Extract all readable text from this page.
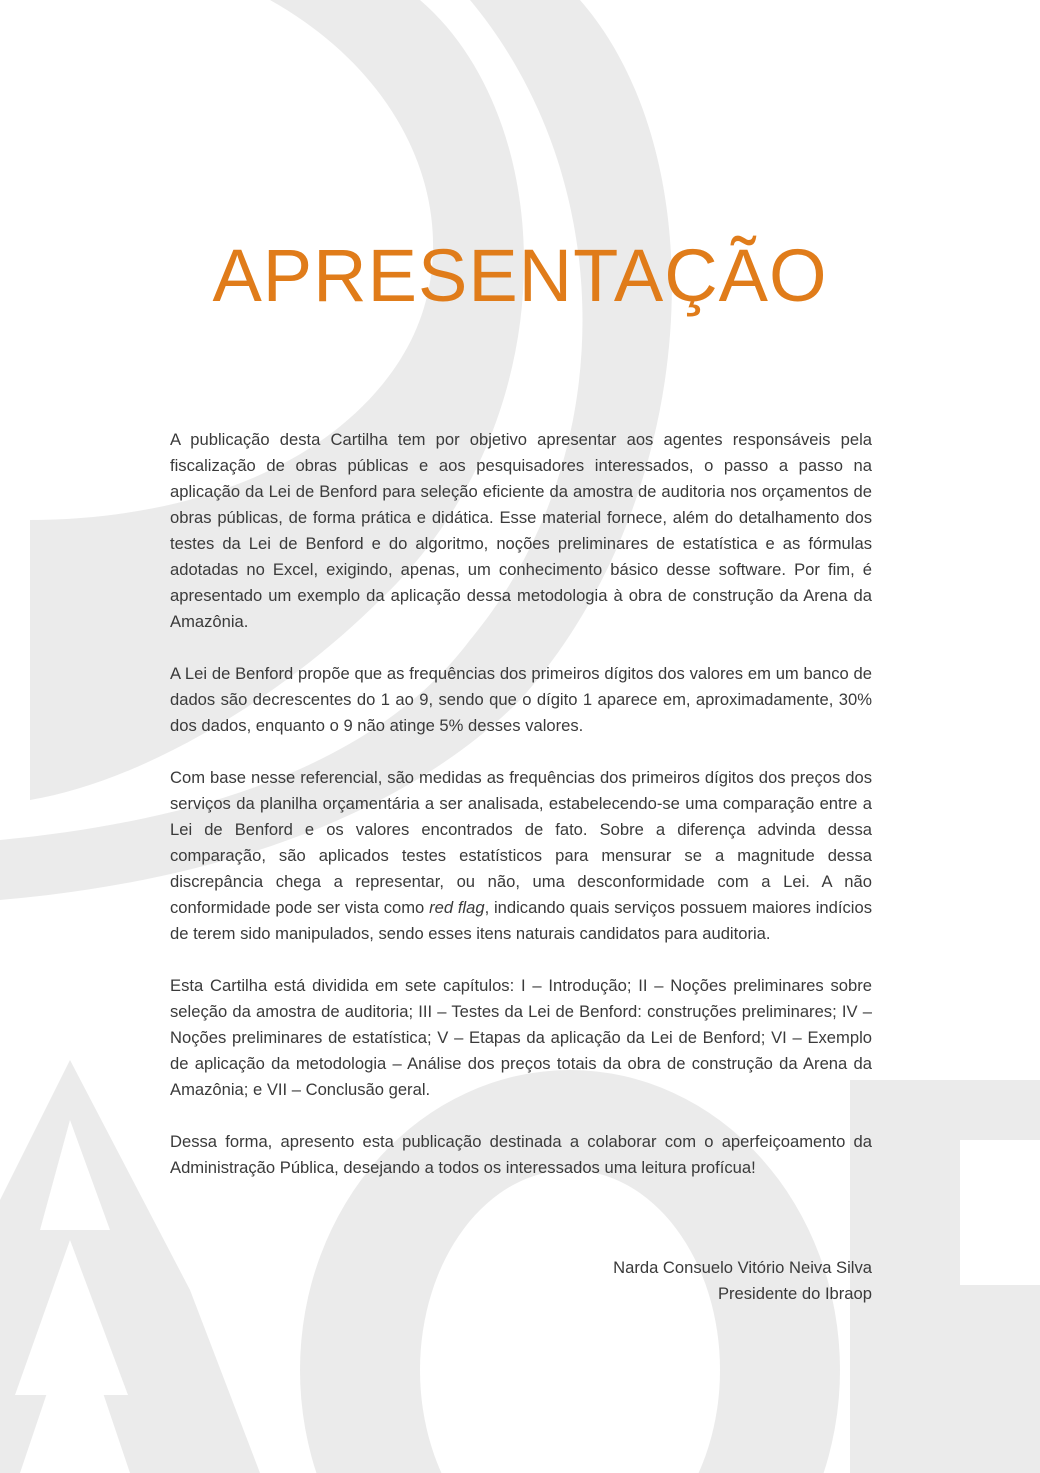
APRESENTAÇÃO

A publicação desta Cartilha tem por objetivo apresentar aos agentes responsáveis pela fiscalização de obras públicas e aos pesquisadores interessados, o passo a passo na aplicação da Lei de Benford para seleção eficiente da amostra de auditoria nos orçamentos de obras públicas, de forma prática e didática. Esse material fornece, além do detalhamento dos testes da Lei de Benford e do algoritmo, noções preliminares de estatística e as fórmulas adotadas no Excel, exigindo, apenas, um conhecimento básico desse software. Por fim, é apresentado um exemplo da aplicação dessa metodologia à obra de construção da Arena da Amazônia.

A Lei de Benford propõe que as frequências dos primeiros dígitos dos valores em um banco de dados são decrescentes do 1 ao 9, sendo que o dígito 1 aparece em, aproximadamente, 30% dos dados, enquanto o 9 não atinge 5% desses valores.

Com base nesse referencial, são medidas as frequências dos primeiros dígitos dos preços dos serviços da planilha orçamentária a ser analisada, estabelecendo-se uma comparação entre a Lei de Benford e os valores encontrados de fato. Sobre a diferença advinda dessa comparação, são aplicados testes estatísticos para mensurar se a magnitude dessa discrepância chega a representar, ou não, uma desconformidade com a Lei. A não conformidade pode ser vista como red flag, indicando quais serviços possuem maiores indícios de terem sido manipulados, sendo esses itens naturais candidatos para auditoria.

Esta Cartilha está dividida em sete capítulos: I – Introdução; II – Noções preliminares sobre seleção da amostra de auditoria; III – Testes da Lei de Benford: construções preliminares; IV – Noções preliminares de estatística; V – Etapas da aplicação da Lei de Benford; VI – Exemplo de aplicação da metodologia – Análise dos preços totais da obra de construção da Arena da Amazônia; e VII – Conclusão geral.

Dessa forma, apresento esta publicação destinada a colaborar com o aperfeiçoamento da Administração Pública, desejando a todos os interessados uma leitura profícua!

Narda Consuelo Vitório Neiva Silva
Presidente do Ibraop
